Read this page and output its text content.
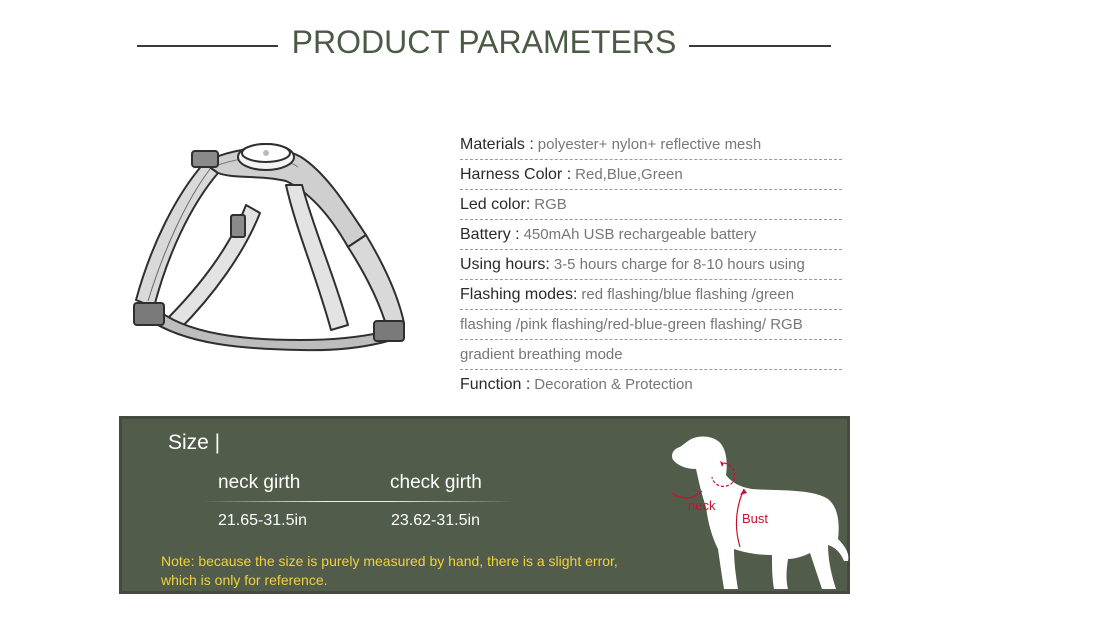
PRODUCT PARAMETERS
Materials : polyester+ nylon+ reflective mesh
Harness Color : Red,Blue,Green
Led color: RGB
Battery : 450mAh USB rechargeable battery
Using hours: 3-5 hours charge for 8-10 hours using
Flashing modes: red flashing/blue flashing /green
flashing /pink flashing/red-blue-green flashing/ RGB
gradient breathing mode
Function : Decoration & Protection
Size |
neck girth	check girth
21.65-31.5in	23.62-31.5in
Note: because the size is purely measured by hand, there is a slight error, which is only for reference.
neck
Bust
